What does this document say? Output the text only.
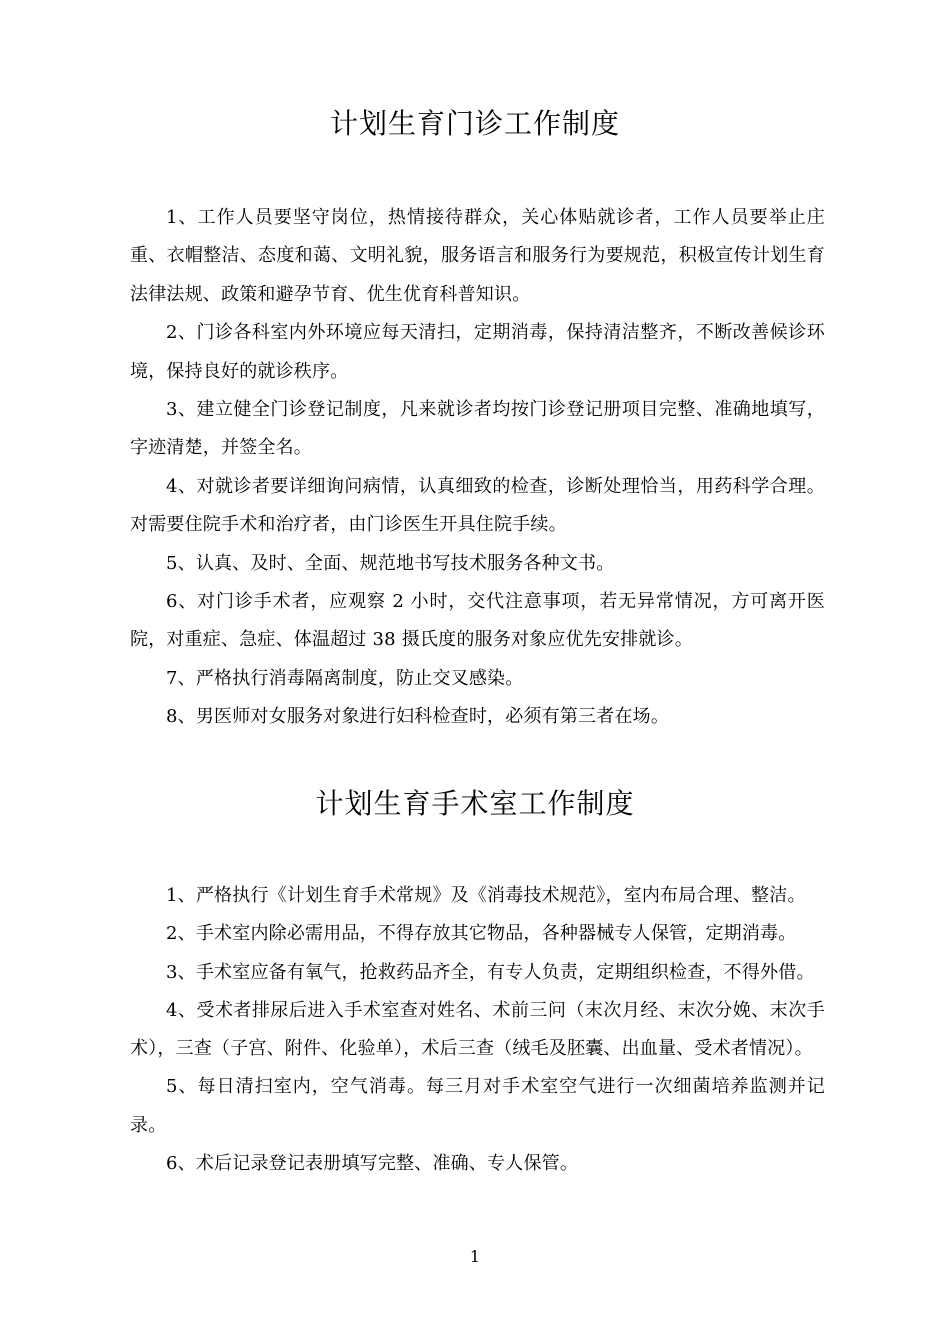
计划生育门诊工作制度

1、工作人员要坚守岗位，热情接待群众，关心体贴就诊者，工作人员要举止庄重、衣帽整洁、态度和蔼、文明礼貌，服务语言和服务行为要规范，积极宣传计划生育法律法规、政策和避孕节育、优生优育科普知识。

2、门诊各科室内外环境应每天清扫，定期消毒，保持清洁整齐，不断改善候诊环境，保持良好的就诊秩序。

3、建立健全门诊登记制度，凡来就诊者均按门诊登记册项目完整、准确地填写，字迹清楚，并签全名。

4、对就诊者要详细询问病情，认真细致的检查，诊断处理恰当，用药科学合理。对需要住院手术和治疗者，由门诊医生开具住院手续。

5、认真、及时、全面、规范地书写技术服务各种文书。

6、对门诊手术者，应观察 2 小时，交代注意事项，若无异常情况，方可离开医院，对重症、急症、体温超过 38 摄氏度的服务对象应优先安排就诊。

7、严格执行消毒隔离制度，防止交叉感染。

8、男医师对女服务对象进行妇科检查时，必须有第三者在场。

计划生育手术室工作制度

1、严格执行《计划生育手术常规》及《消毒技术规范》，室内布局合理、整洁。

2、手术室内除必需用品，不得存放其它物品，各种器械专人保管，定期消毒。

3、手术室应备有氧气，抢救药品齐全，有专人负责，定期组织检查，不得外借。

4、受术者排尿后进入手术室查对姓名、术前三问（末次月经、末次分娩、末次手术），三查（子宫、附件、化验单），术后三查（绒毛及胚囊、出血量、受术者情况）。

5、每日清扫室内，空气消毒。每三月对手术室空气进行一次细菌培养监测并记录。

6、术后记录登记表册填写完整、准确、专人保管。

1
